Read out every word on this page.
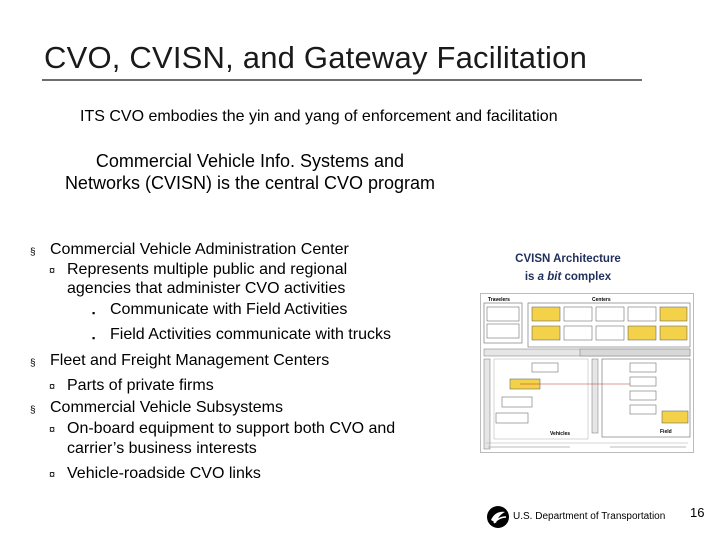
CVO, CVISN, and Gateway Facilitation
ITS CVO embodies the yin and yang of enforcement and facilitation
Commercial Vehicle Info. Systems and Networks (CVISN) is the central CVO program
§ Commercial Vehicle Administration Center
¤ Represents multiple public and regional
agencies that administer CVO activities
▪ Communicate with Field Activities
▪ Field Activities communicate with trucks
§ Fleet and Freight Management Centers
¤ Parts of private firms
§ Commercial Vehicle Subsystems
¤ On-board equipment to support both CVO and
carrier’s business interests
¤ Vehicle-roadside CVO links
CVISN Architecture
is a bit complex
Travelers	Centers
Vehicles	Field
U.S. Department of Transportation 16
